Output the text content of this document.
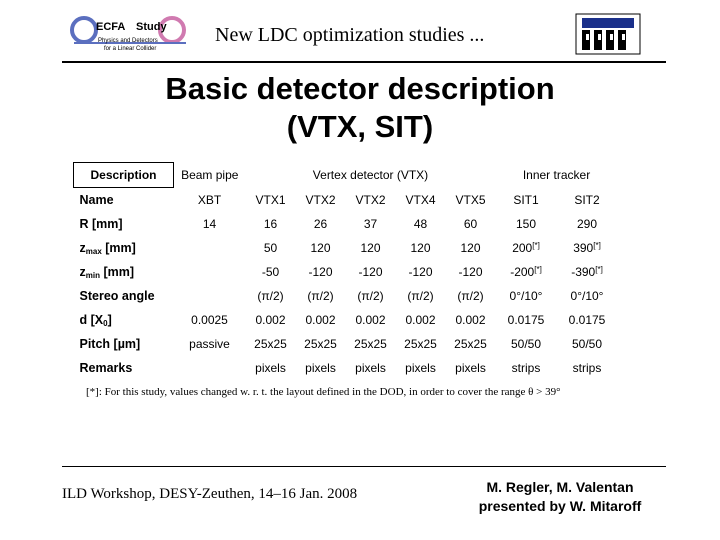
ECFA Study
Physics and Detectors
for a Linear Collider
New LDC optimization studies ...
Basic detector description
(VTX, SIT)
Description	Beam pipe	Vertex detector (VTX)					Inner tracker	
Name	XBT	VTX1	VTX2	VTX2	VTX4	VTX5	SIT1	SIT2
R [mm]	14	16	26	37	48	60	150	290
$z_{max}$ [mm]		50	120	120	120	120	200[*]	390[*]
$z_{min}$ [mm]		-50	-120	-120	-120	-120	-200[*]	-390[*]
Stereo angle		(π/2)	(π/2)	(π/2)	(π/2)	(π/2)	0°/10°	0°/10°
d $[X_0]$	0.0025	0.002	0.002	0.002	0.002	0.002	0.0175	0.0175
Pitch [µm]	passive	25x25	25x25	25x25	25x25	25x25	50/50	50/50
Remarks		pixels	pixels	pixels	pixels	pixels	strips	strips
[*]: For this study, values changed w. r. t. the layout defined in the DOD, in order to cover the range θ > 39°
ILD Workshop, DESY-Zeuthen, 14–16 Jan. 2008	M. Regler, M. Valentan
presented by W. Mitaroff
